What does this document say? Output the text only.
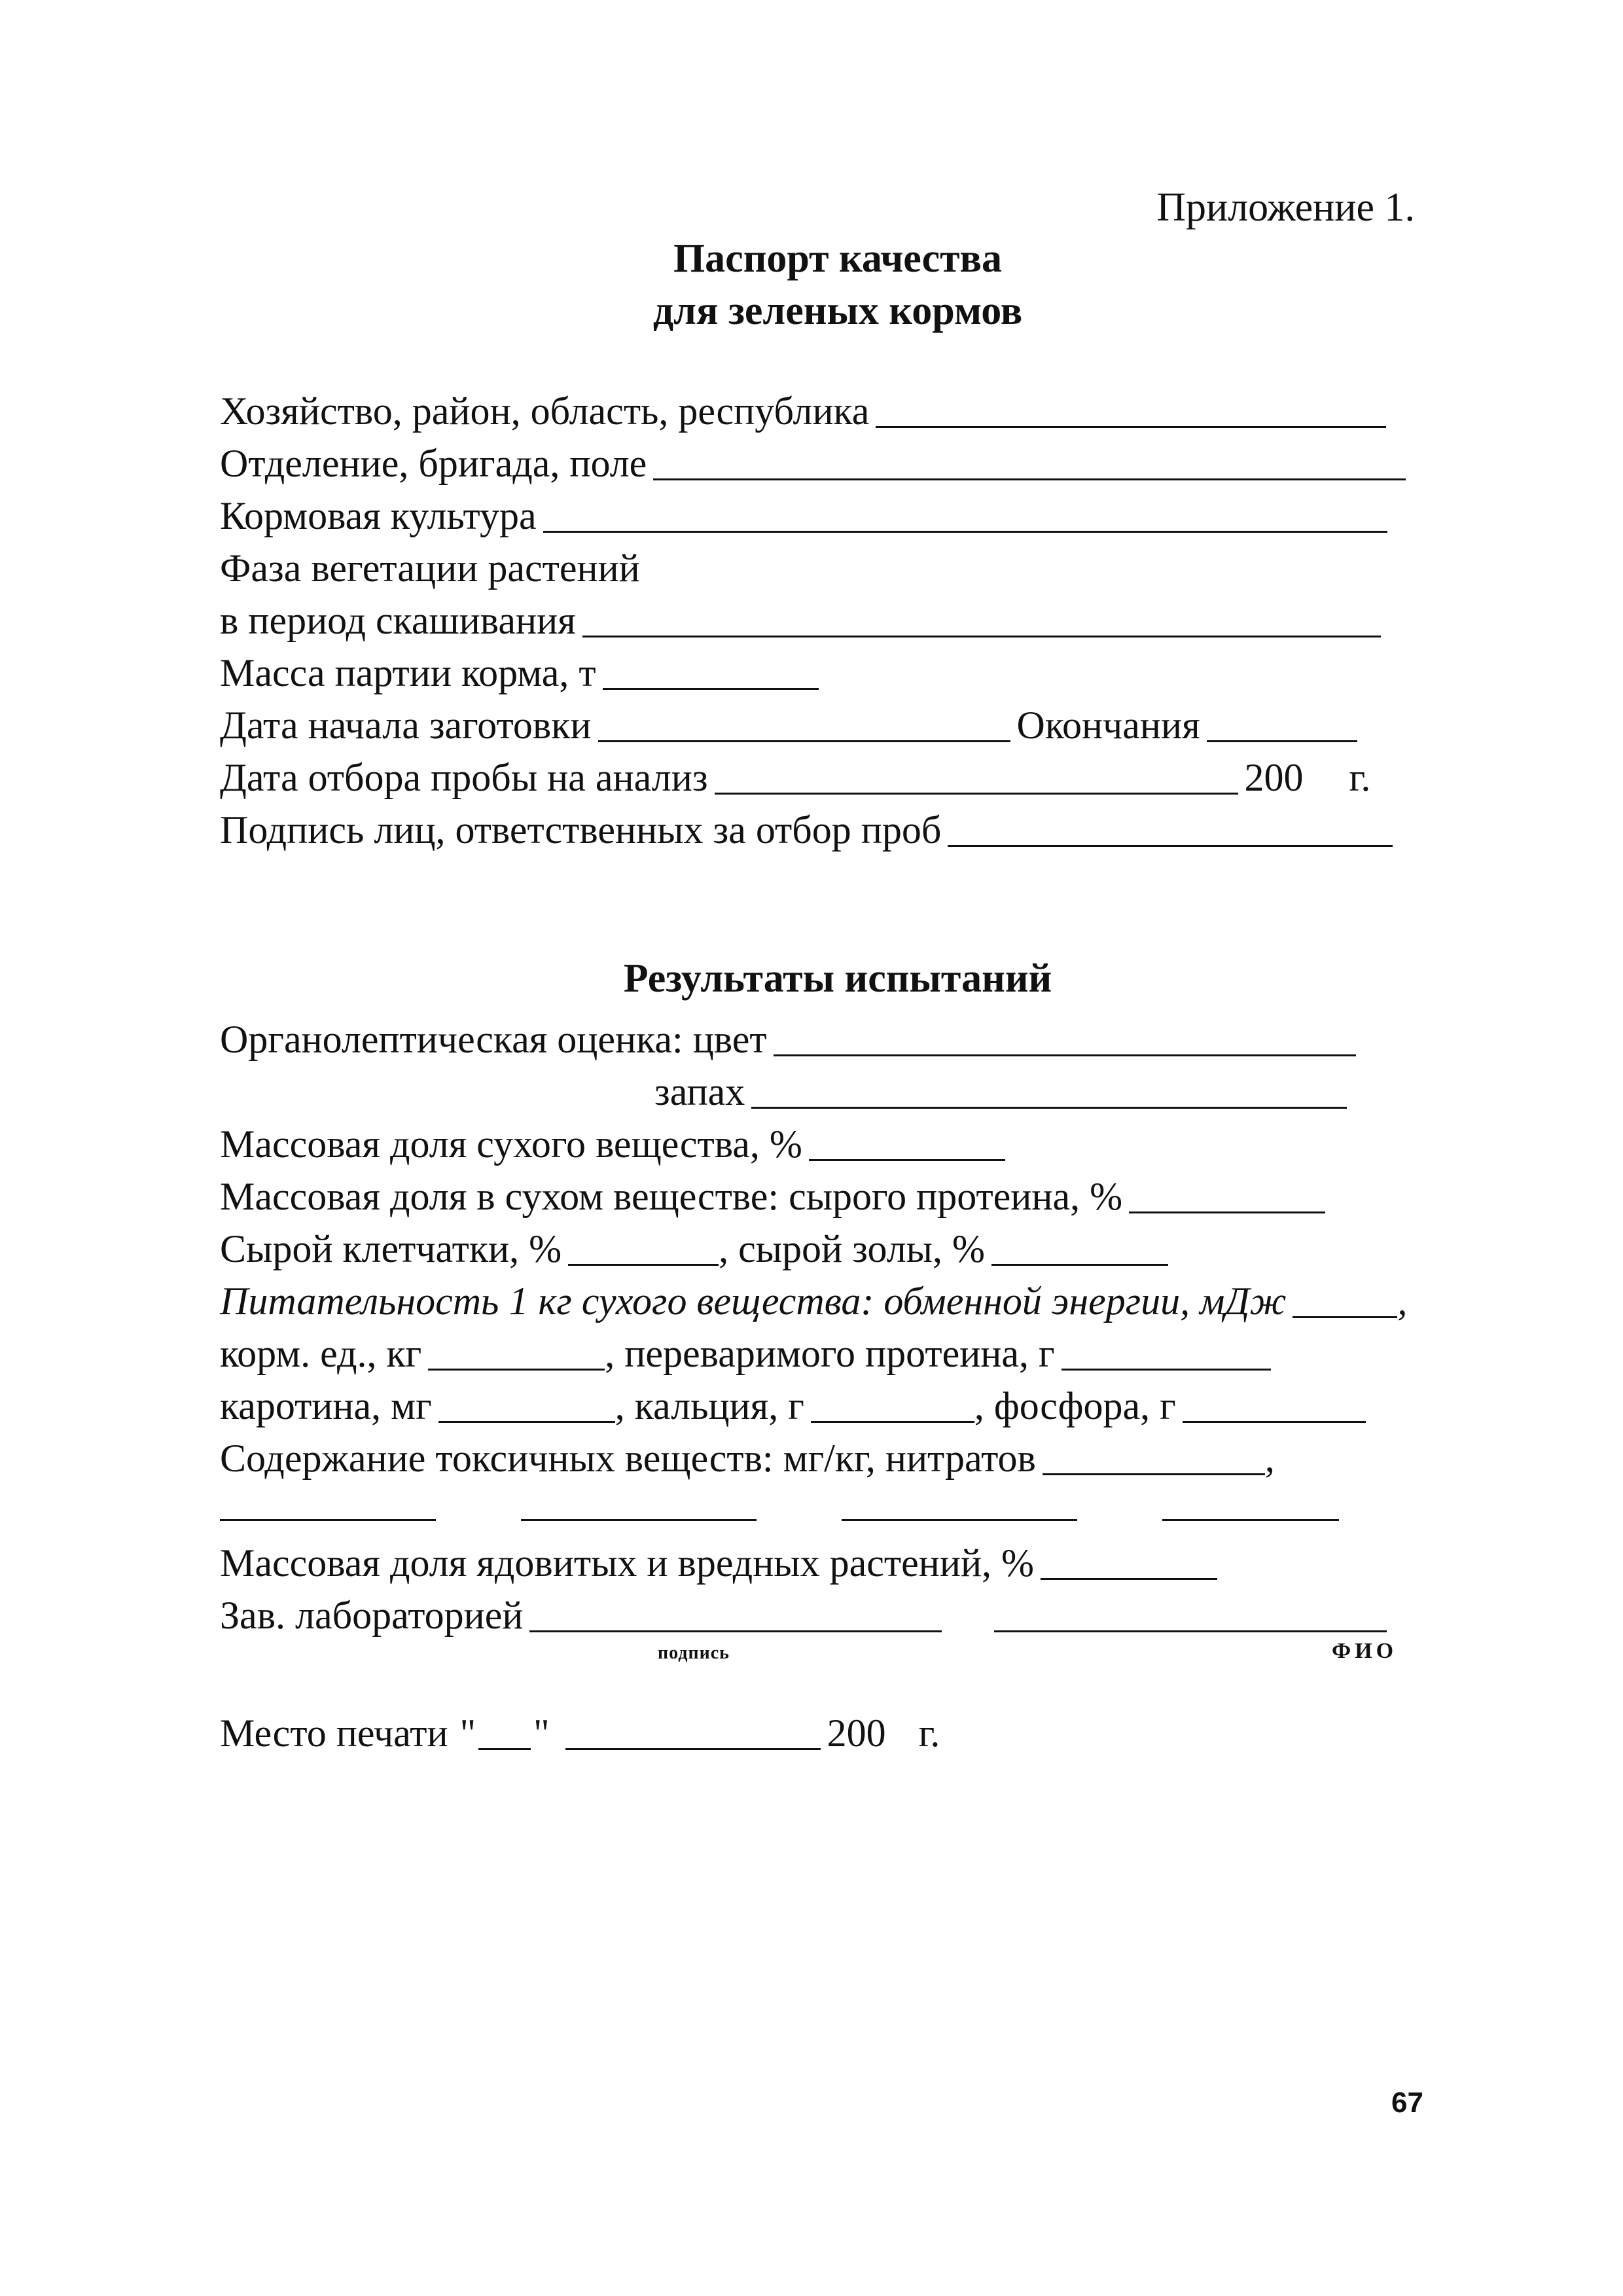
Приложение 1.
Паспорт качества
для зеленых кормов
Хозяйство, район, область, республика
Отделение, бригада, поле
Кормовая культура
Фаза вегетации растений
в период скашивания
Масса партии корма, т
Дата начала заготовки	Окончания
Дата отбора пробы на анализ	200 г.
Подпись лиц, ответственных за отбор проб
Результаты испытаний
Органолептическая оценка: цвет
запах
Массовая доля сухого вещества, %
Массовая доля в сухом веществе: сырого протеина, %
Сырой клетчатки, %	, сырой золы, %
Питательность 1 кг сухого вещества: обменной энергии, мДж	,
корм. ед., кг	, переваримого протеина, г
каротина, мг	, кальция, г	, фосфора, г
Содержание токсичных веществ: мг/кг, нитратов	,
Массовая доля ядовитых и вредных растений, %
Зав. лабораторией
подпись	ФИО
Место печати " "	200 г.
67
